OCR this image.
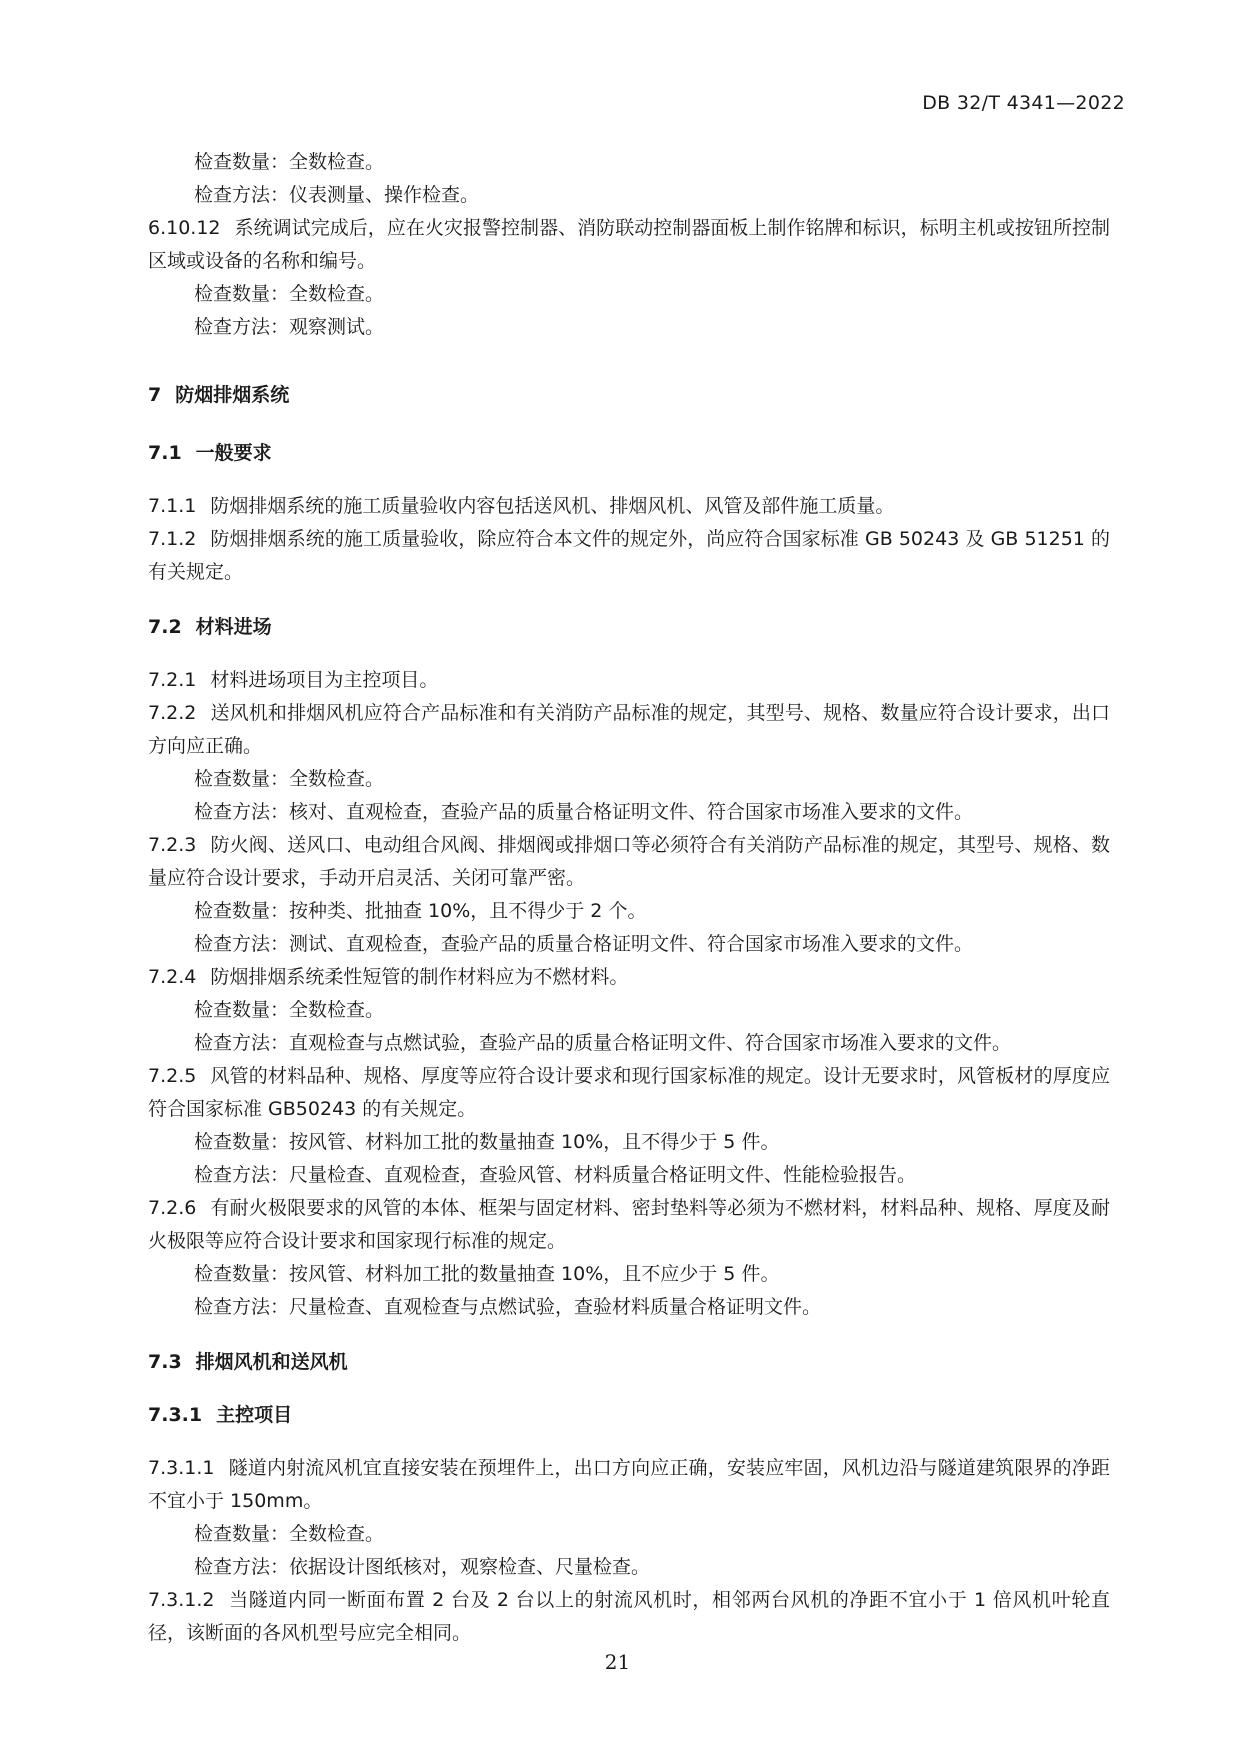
DB 32/T 4341—2022

检查数量：全数检查。

检查方法：仪表测量、操作检查。

6.10.12 系统调试完成后，应在火灾报警控制器、消防联动控制器面板上制作铭牌和标识，标明主机或按钮所控制区域或设备的名称和编号。

检查数量：全数检查。

检查方法：观察测试。

7 防烟排烟系统

7.1 一般要求

7.1.1 防烟排烟系统的施工质量验收内容包括送风机、排烟风机、风管及部件施工质量。

7.1.2 防烟排烟系统的施工质量验收，除应符合本文件的规定外，尚应符合国家标准 GB 50243 及 GB 51251 的有关规定。

7.2 材料进场

7.2.1 材料进场项目为主控项目。

7.2.2 送风机和排烟风机应符合产品标准和有关消防产品标准的规定，其型号、规格、数量应符合设计要求，出口方向应正确。

检查数量：全数检查。

检查方法：核对、直观检查，查验产品的质量合格证明文件、符合国家市场准入要求的文件。

7.2.3 防火阀、送风口、电动组合风阀、排烟阀或排烟口等必须符合有关消防产品标准的规定，其型号、规格、数量应符合设计要求，手动开启灵活、关闭可靠严密。

检查数量：按种类、批抽查 10%，且不得少于 2 个。

检查方法：测试、直观检查，查验产品的质量合格证明文件、符合国家市场准入要求的文件。

7.2.4 防烟排烟系统柔性短管的制作材料应为不燃材料。

检查数量：全数检查。

检查方法：直观检查与点燃试验，查验产品的质量合格证明文件、符合国家市场准入要求的文件。

7.2.5 风管的材料品种、规格、厚度等应符合设计要求和现行国家标准的规定。设计无要求时，风管板材的厚度应符合国家标准 GB50243 的有关规定。

检查数量：按风管、材料加工批的数量抽查 10%，且不得少于 5 件。

检查方法：尺量检查、直观检查，查验风管、材料质量合格证明文件、性能检验报告。

7.2.6 有耐火极限要求的风管的本体、框架与固定材料、密封垫料等必须为不燃材料，材料品种、规格、厚度及耐火极限等应符合设计要求和国家现行标准的规定。

检查数量：按风管、材料加工批的数量抽查 10%，且不应少于 5 件。

检查方法：尺量检查、直观检查与点燃试验，查验材料质量合格证明文件。

7.3 排烟风机和送风机

7.3.1 主控项目

7.3.1.1 隧道内射流风机宜直接安装在预埋件上，出口方向应正确，安装应牢固，风机边沿与隧道建筑限界的净距不宜小于 150mm。

检查数量：全数检查。

检查方法：依据设计图纸核对，观察检查、尺量检查。

7.3.1.2 当隧道内同一断面布置 2 台及 2 台以上的射流风机时，相邻两台风机的净距不宜小于 1 倍风机叶轮直径，该断面的各风机型号应完全相同。

21
